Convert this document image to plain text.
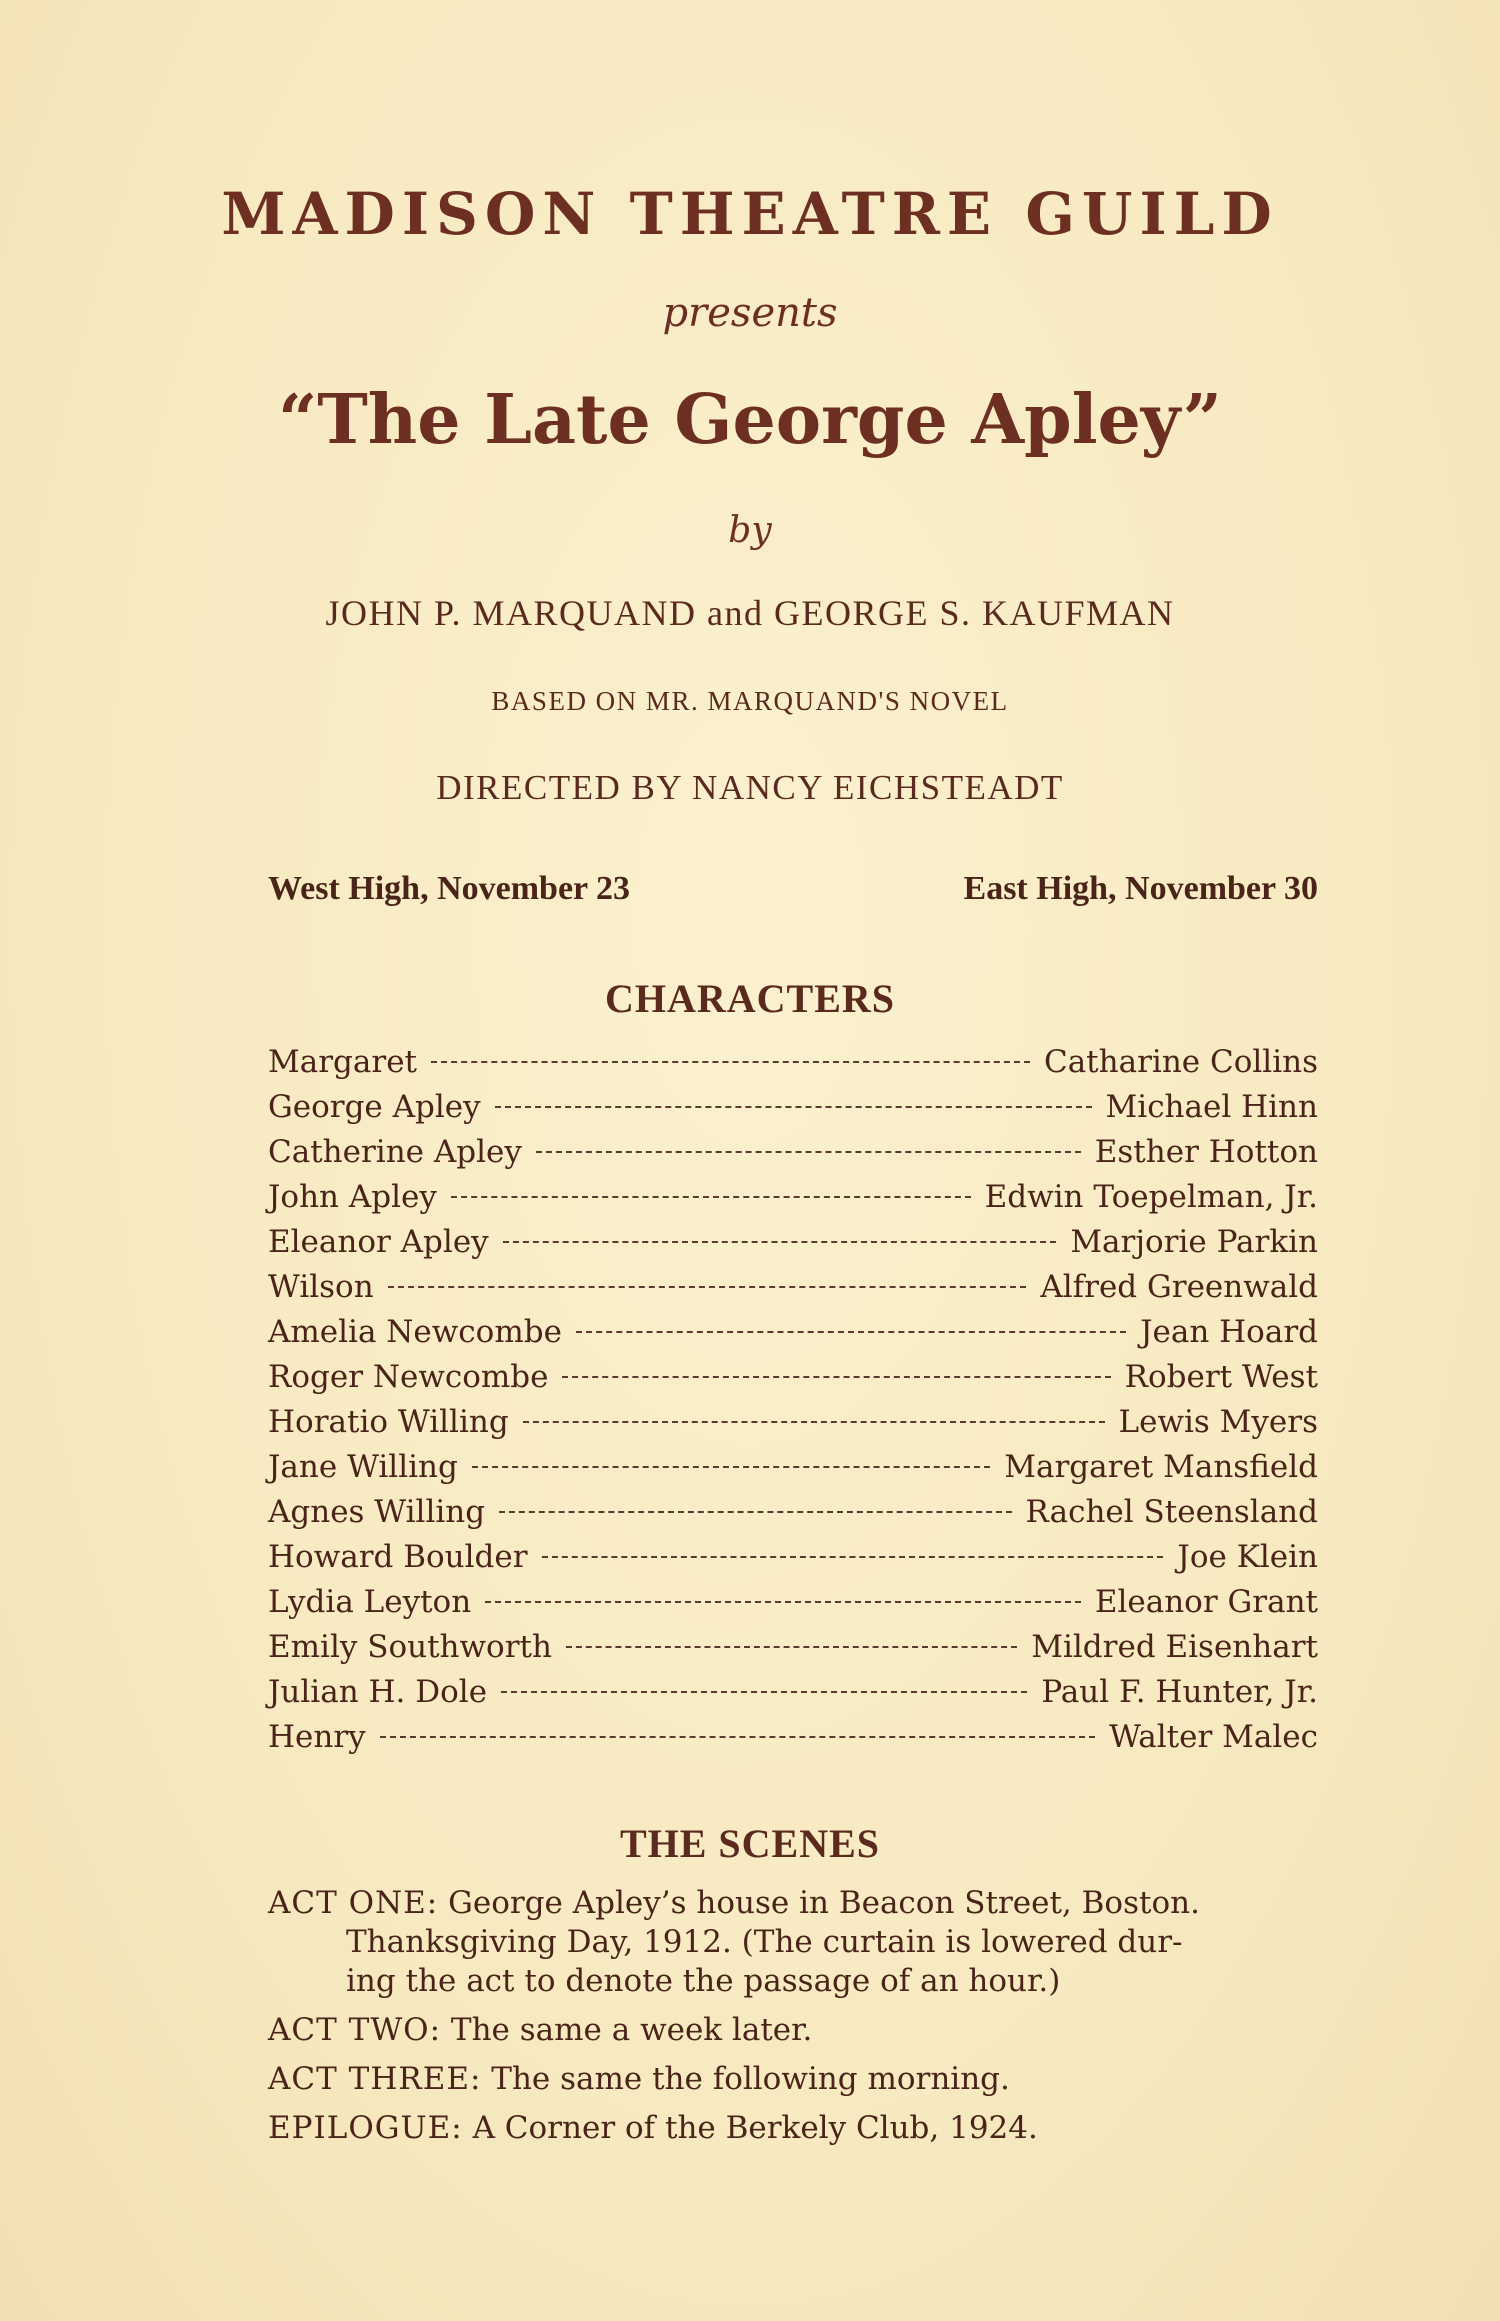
MADISON THEATRE GUILD
presents
“The Late George Apley”
by
JOHN P. MARQUAND and GEORGE S. KAUFMAN
BASED ON MR. MARQUAND'S NOVEL
DIRECTED BY NANCY EICHSTEADT
West High, November 23	East High, November 30
CHARACTERS
Margaret	Catharine Collins
George Apley	Michael Hinn
Catherine Apley	Esther Hotton
John Apley	Edwin Toepelman, Jr.
Eleanor Apley	Marjorie Parkin
Wilson	Alfred Greenwald
Amelia Newcombe	Jean Hoard
Roger Newcombe	Robert West
Horatio Willing	Lewis Myers
Jane Willing	Margaret Mansfield
Agnes Willing	Rachel Steensland
Howard Boulder	Joe Klein
Lydia Leyton	Eleanor Grant
Emily Southworth	Mildred Eisenhart
Julian H. Dole	Paul F. Hunter, Jr.
Henry	Walter Malec
THE SCENES
ACT ONE: George Apley’s house in Beacon Street, Boston.
Thanksgiving Day, 1912. (The curtain is lowered dur-
ing the act to denote the passage of an hour.)
ACT TWO: The same a week later.
ACT THREE: The same the following morning.
EPILOGUE: A Corner of the Berkely Club, 1924.
